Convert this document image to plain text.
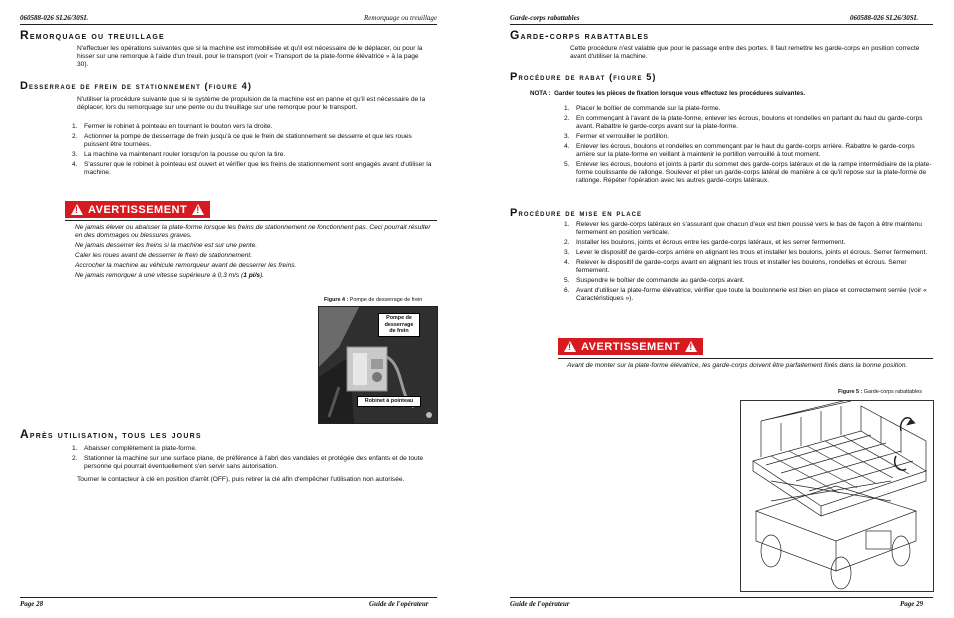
060588-026 SL26/30SL	Remorquage ou treuillage
Remorquage ou treuillage
N'effectuer les opérations suivantes que si la machine est immobilisée et qu'il est nécessaire de le déplacer, ou pour la hisser sur une remorque à l'aide d'un treuil, pour le transport (voir « Transport de la plate-forme élévatrice » à la page 30).
Desserrage de frein de stationnement (figure 4)
N'utiliser la procédure suivante que si le système de propulsion de la machine est en panne et qu'il est nécessaire de la déplacer, lors du remorquage sur une pente ou du treuillage sur une remorque pour le transport.
1. Fermer le robinet à pointeau en tournant le bouton vers la droite.
2. Actionner la pompe de desserrage de frein jusqu'à ce que le frein de stationnement se desserre et que les roues puissent être tournées.
3. La machine va maintenant rouler lorsqu'on la pousse ou qu'on la tire.
4. S'assurer que le robinet à pointeau est ouvert et vérifier que les freins de stationnement sont engagés avant d'utiliser la machine.
!
AVERTISSEMENT
!
Ne jamais élever ou abaisser la plate-forme lorsque les freins de stationnement ne fonctionnent pas. Ceci pourrait résulter en des dommages ou blessures graves.
Ne jamais desserrer les freins si la machine est sur une pente.
Caler les roues avant de desserrer le frein de stationnement.
Accrocher la machine au véhicule remorqueur avant de desserrer les freins.
Ne jamais remorquer à une vitesse supérieure à 0,3 m/s (1 pi/s).
Figure 4 : Pompe de desserrage de frein
Pompe de desserrage de frein
Robinet à pointeau
Après utilisation, tous les jours
1. Abaisser complètement la plate-forme.
2. Stationner la machine sur une surface plane, de préférence à l'abri des vandales et protégée des enfants et de toute personne qui pourrait éventuellement s'en servir sans autorisation.
Tourner le contacteur à clé en position d'arrêt (OFF), puis retirer la clé afin d'empêcher l'utilisation non autorisée.
Page 28	Guide de l'opérateur
Garde-corps rabattables	060588-026 SL26/30SL
Garde-corps rabattables
Cette procédure n'est valable que pour le passage entre des portes. Il faut remettre les garde-corps en position correcte avant d'utiliser la machine.
Procédure de rabat (figure 5)
NOTA : Garder toutes les pièces de fixation lorsque vous effectuez les procédures suivantes.
1. Placer le boîtier de commande sur la plate-forme.
2. En commençant à l'avant de la plate-forme, enlever les écrous, boulons et rondelles en partant du haut du garde-corps avant. Rabattre le garde-corps avant sur la plate-forme.
3. Fermer et verrouiller le portillon.
4. Enlever les écrous, boulons et rondelles en commençant par le haut du garde-corps arrière. Rabattre le garde-corps arrière sur la plate-forme en veillant à maintenir le portillon verrouillé à tout moment.
5. Enlever les écrous, boulons et joints à partir du sommet des garde-corps latéraux et de la rampe intermédiaire de la plate-forme coulissante de rallonge. Soulever et plier un garde-corps latéral de manière à ce qu'il repose sur la plate-forme de rallonge. Répéter l'opération avec les autres garde-corps latéraux.
Procédure de mise en place
1. Relever les garde-corps latéraux en s'assurant que chacun d'eux est bien poussé vers le bas de façon à être maintenu fermement en position verticale.
2. Installer les boulons, joints et écrous entre les garde-corps latéraux, et les serrer fermement.
3. Lever le dispositif de garde-corps arrière en alignant les trous et installer les boulons, joints et écrous. Serrer fermement.
4. Relever le dispositif de garde-corps avant en alignant les trous et installer les boulons, rondelles et écrous. Serrer fermement.
5. Suspendre le boîtier de commande au garde-corps avant.
6. Avant d'utiliser la plate-forme élévatrice, vérifier que toute la boulonnerie est bien en place et correctement serrée (voir « Caractéristiques »).
!
AVERTISSEMENT
!
Avant de monter sur la plate-forme élévatrice, les garde-corps doivent être parfaitement fixés dans la bonne position.
Figure 5 : Garde-corps rabattables
Guide de l'opérateur	Page 29
